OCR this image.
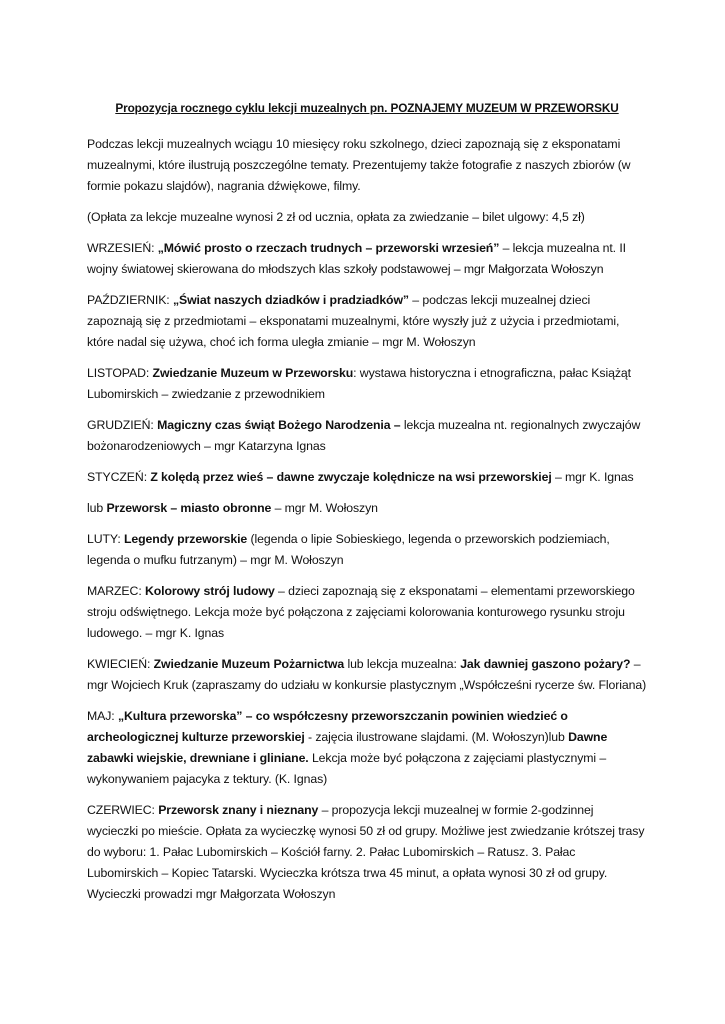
Propozycja rocznego cyklu lekcji muzealnych pn. POZNAJEMY MUZEUM W PRZEWORSKU

Podczas lekcji muzealnych wciągu 10 miesięcy roku szkolnego, dzieci zapoznają się z eksponatami muzealnymi, które ilustrują poszczególne tematy. Prezentujemy także fotografie z naszych zbiorów (w formie pokazu slajdów), nagrania dźwiękowe, filmy.

(Opłata za lekcje muzealne wynosi 2 zł od ucznia, opłata za zwiedzanie – bilet ulgowy: 4,5 zł)

WRZESIEŃ: „Mówić prosto o rzeczach trudnych – przeworski wrzesień” – lekcja muzealna nt. II wojny światowej skierowana do młodszych klas szkoły podstawowej – mgr Małgorzata Wołoszyn

PAŹDZIERNIK: „Świat naszych dziadków i pradziadków” – podczas lekcji muzealnej dzieci zapoznają się z przedmiotami – eksponatami muzealnymi, które wyszły już z użycia i przedmiotami, które nadal się używa, choć ich forma uległa zmianie – mgr M. Wołoszyn

LISTOPAD: Zwiedzanie Muzeum w Przeworsku: wystawa historyczna i etnograficzna, pałac Książąt Lubomirskich – zwiedzanie z przewodnikiem

GRUDZIEŃ: Magiczny czas świąt Bożego Narodzenia – lekcja muzealna nt. regionalnych zwyczajów bożonarodzeniowych – mgr Katarzyna Ignas

STYCZEŃ: Z kolędą przez wieś – dawne zwyczaje kolędnicze na wsi przeworskiej – mgr K. Ignas

lub Przeworsk – miasto obronne – mgr M. Wołoszyn

LUTY: Legendy przeworskie (legenda o lipie Sobieskiego, legenda o przeworskich podziemiach, legenda o mufku futrzanym) – mgr M. Wołoszyn

MARZEC: Kolorowy strój ludowy – dzieci zapoznają się z eksponatami – elementami przeworskiego stroju odświętnego. Lekcja może być połączona z zajęciami kolorowania konturowego rysunku stroju ludowego. – mgr K. Ignas

KWIECIEŃ: Zwiedzanie Muzeum Pożarnictwa lub lekcja muzealna: Jak dawniej gaszono pożary? – mgr Wojciech Kruk (zapraszamy do udziału w konkursie plastycznym „Współcześni rycerze św. Floriana)

MAJ: „Kultura przeworska” – co współczesny przeworszczanin powinien wiedzieć o archeologicznej kulturze przeworskiej - zajęcia ilustrowane slajdami. (M. Wołoszyn)lub Dawne zabawki wiejskie, drewniane i gliniane. Lekcja może być połączona z zajęciami plastycznymi – wykonywaniem pajacyka z tektury. (K. Ignas)

CZERWIEC: Przeworsk znany i nieznany – propozycja lekcji muzealnej w formie 2-godzinnej wycieczki po mieście. Opłata za wycieczkę wynosi 50 zł od grupy. Możliwe jest zwiedzanie krótszej trasy do wyboru: 1. Pałac Lubomirskich – Kościół farny. 2. Pałac Lubomirskich – Ratusz. 3. Pałac Lubomirskich – Kopiec Tatarski. Wycieczka krótsza trwa 45 minut, a opłata wynosi 30 zł od grupy. Wycieczki prowadzi mgr Małgorzata Wołoszyn
